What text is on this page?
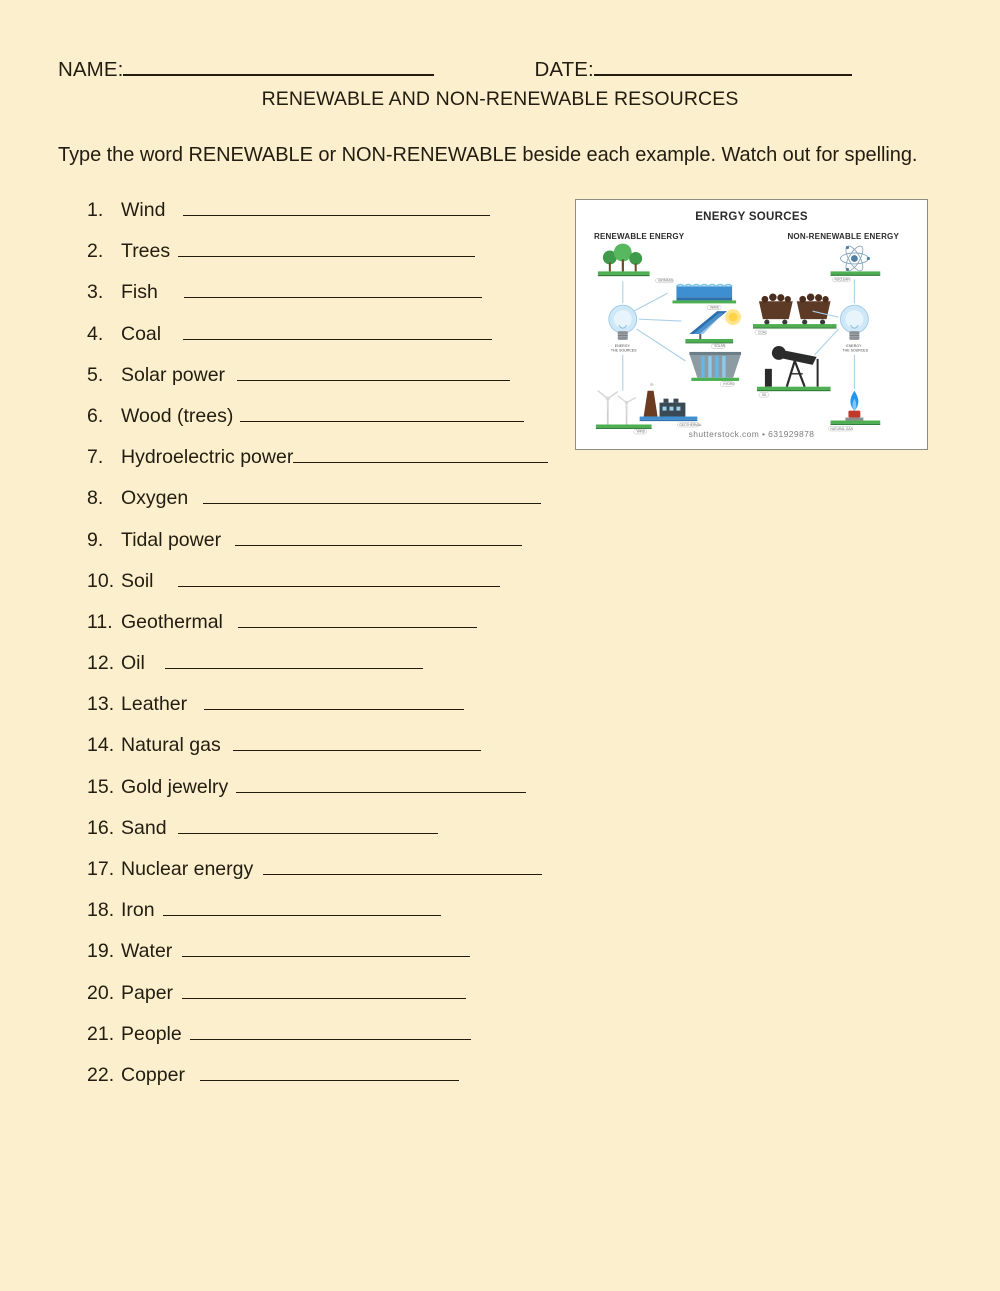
NAME:	DATE:
RENEWABLE AND NON-RENEWABLE RESOURCES
Type the word RENEWABLE or NON-RENEWABLE beside each example. Watch out for spelling.
1. Wind
2. Trees
3. Fish
4. Coal
5. Solar power
6. Wood (trees)
7. Hydroelectric power
8. Oxygen
9. Tidal power
10. Soil
11. Geothermal
12. Oil
13. Leather
14. Natural gas
15. Gold jewelry
16. Sand
17. Nuclear energy
18. Iron
19. Water
20. Paper
21. People
22. Copper
ENERGY SOURCES
RENEWABLE ENERGY	NON-RENEWABLE ENERGY
BIOMASS
WAVE
SOLAR
HYDRO
GEOTHERMAL
WIND
ENERGY
THE SOURCES
NUCLEAR
COAL
OIL
NATURAL GAS
ENERGY
THE SOURCES
shutterstock.com • 631929878
